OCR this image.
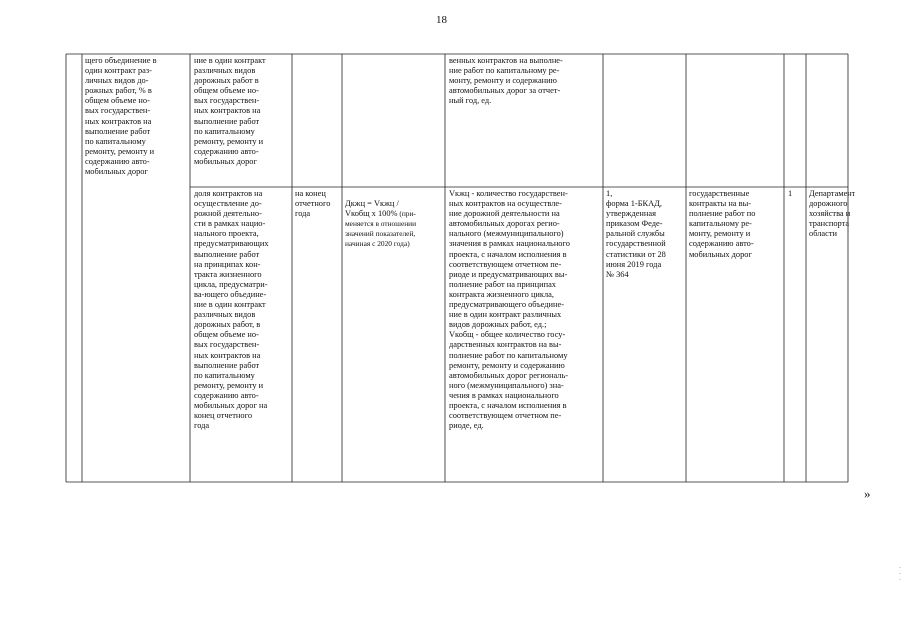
18
щего объединение в
один контракт раз-
личных видов до-
рожных работ, % в
общем объеме но-
вых государствен-
ных контрактов на
выполнение работ
по капитальному
ремонту, ремонту и
содержанию авто-
мобильных дорог
ние в один контракт
различных видов
дорожных работ в
общем объеме но-
вых государствен-
ных контрактов на
выполнение работ
по капитальному
ремонту, ремонту и
содержанию авто-
мобильных дорог
венных контрактов на выполне-
ние работ по капитальному ре-
монту, ремонту и содержанию
автомобильных дорог за отчет-
ный год, ед.
доля контрактов на
осуществление до-
рожной деятельно-
сти в рамках нацио-
нального проекта,
предусматривающих
выполнение работ
на принципах кон-
тракта жизненного
цикла, предусматри-
ва-ющего объедине-
ние в один контракт
различных видов
дорожных работ, в
общем объеме но-
вых государствен-
ных контрактов на
выполнение работ
по капитальному
ремонту, ремонту и
содержанию авто-
мобильных дорог на
конец отчетного
года
на конец
отчетного
года

Дкжц = Vкжц /
Vкобщ х 100% (при-
меняется в отношении
значений показателей,
начиная с 2020 года)

Vкжц - количество государствен-
ных контрактов на осуществле-
ние дорожной деятельности на
автомобильных дорогах регио-
нального (межмуниципального)
значения в рамках национального
проекта, с началом исполнения в
соответствующем отчетном пе-
риоде и предусматривающих вы-
полнение работ на принципах
контракта жизненного цикла,
предусматривающего объедине-
ние в один контракт различных
видов дорожных работ, ед.;
Vкобщ - общее количество госу-
дарственных контрактов на вы-
полнение работ по капитальному
ремонту, ремонту и содержанию
автомобильных дорог региональ-
ного (межмуниципального) зна-
чения в рамках национального
проекта, с началом исполнения в
соответствующем отчетном пе-
риоде, ед.
1,
форма 1-БКАД,
утвержденная
приказом Феде-
ральной службы
государственной
статистики от 28
июня 2019 года
№ 364
государственные
контракты на вы-
полнение работ по
капитальному ре-
монту, ремонту и
содержанию авто-
мобильных дорог
1	Департамент
дорожного
хозяйства и
транспорта
области
»
-
-
-
